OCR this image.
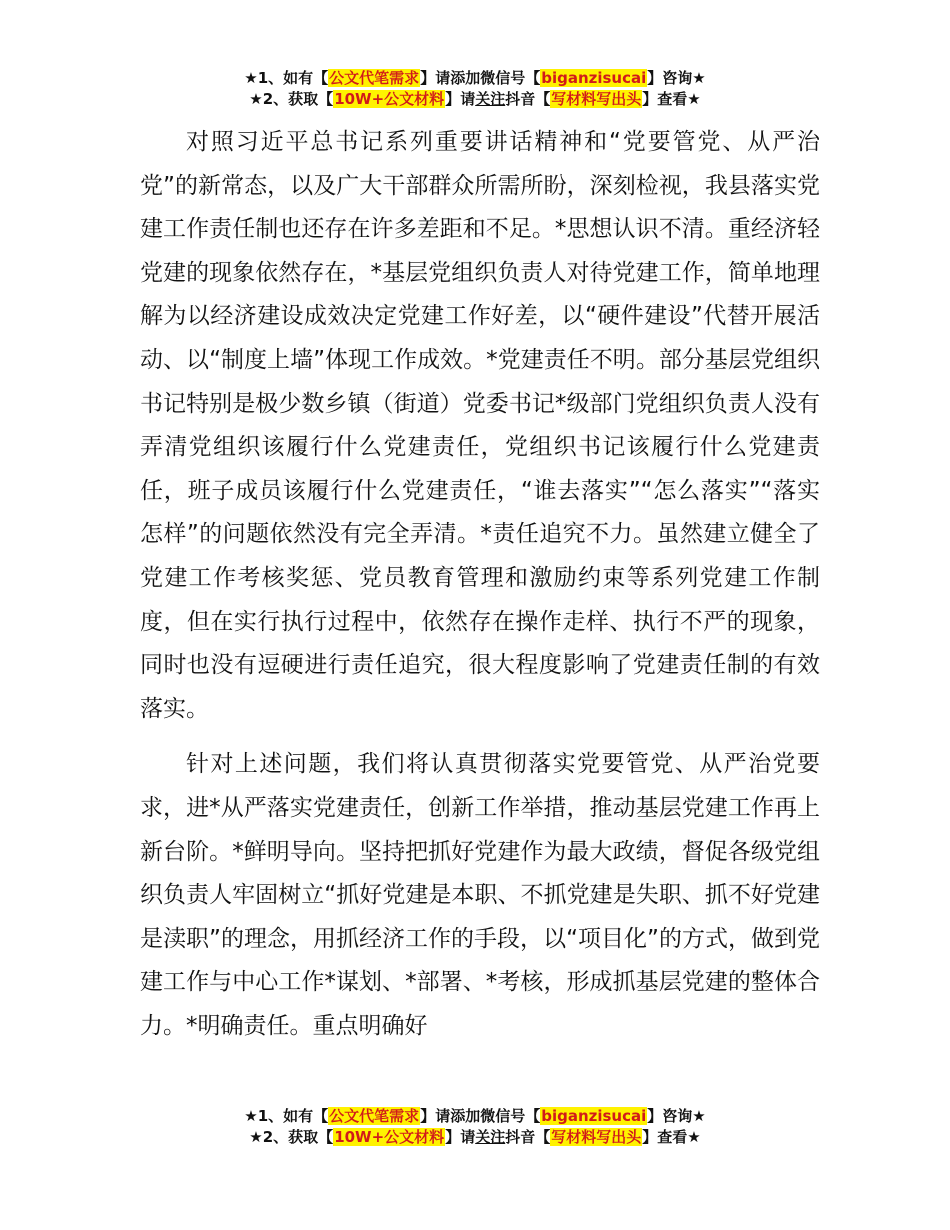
★1、如有【公文代笔需求】请添加微信号【biganzisucai】咨询★
★2、获取【10W+公文材料】请关注抖音【写材料写出头】查看★

对照习近平总书记系列重要讲话精神和“党要管党、从严治党”的新常态，以及广大干部群众所需所盼，深刻检视，我县落实党建工作责任制也还存在许多差距和不足。*思想认识不清。重经济轻党建的现象依然存在，*基层党组织负责人对待党建工作，简单地理解为以经济建设成效决定党建工作好差，以“硬件建设”代替开展活动、以“制度上墙”体现工作成效。*党建责任不明。部分基层党组织书记特别是极少数乡镇（街道）党委书记*级部门党组织负责人没有弄清党组织该履行什么党建责任，党组织书记该履行什么党建责任，班子成员该履行什么党建责任，“谁去落实”“怎么落实”“落实怎样”的问题依然没有完全弄清。*责任追究不力。虽然建立健全了党建工作考核奖惩、党员教育管理和激励约束等系列党建工作制度，但在实行执行过程中，依然存在操作走样、执行不严的现象，同时也没有逗硬进行责任追究，很大程度影响了党建责任制的有效落实。

针对上述问题，我们将认真贯彻落实党要管党、从严治党要求，进*从严落实党建责任，创新工作举措，推动基层党建工作再上新台阶。*鲜明导向。坚持把抓好党建作为最大政绩，督促各级党组织负责人牢固树立“抓好党建是本职、不抓党建是失职、抓不好党建是渎职”的理念，用抓经济工作的手段，以“项目化”的方式，做到党建工作与中心工作*谋划、*部署、*考核，形成抓基层党建的整体合力。*明确责任。重点明确好

★1、如有【公文代笔需求】请添加微信号【biganzisucai】咨询★
★2、获取【10W+公文材料】请关注抖音【写材料写出头】查看★
